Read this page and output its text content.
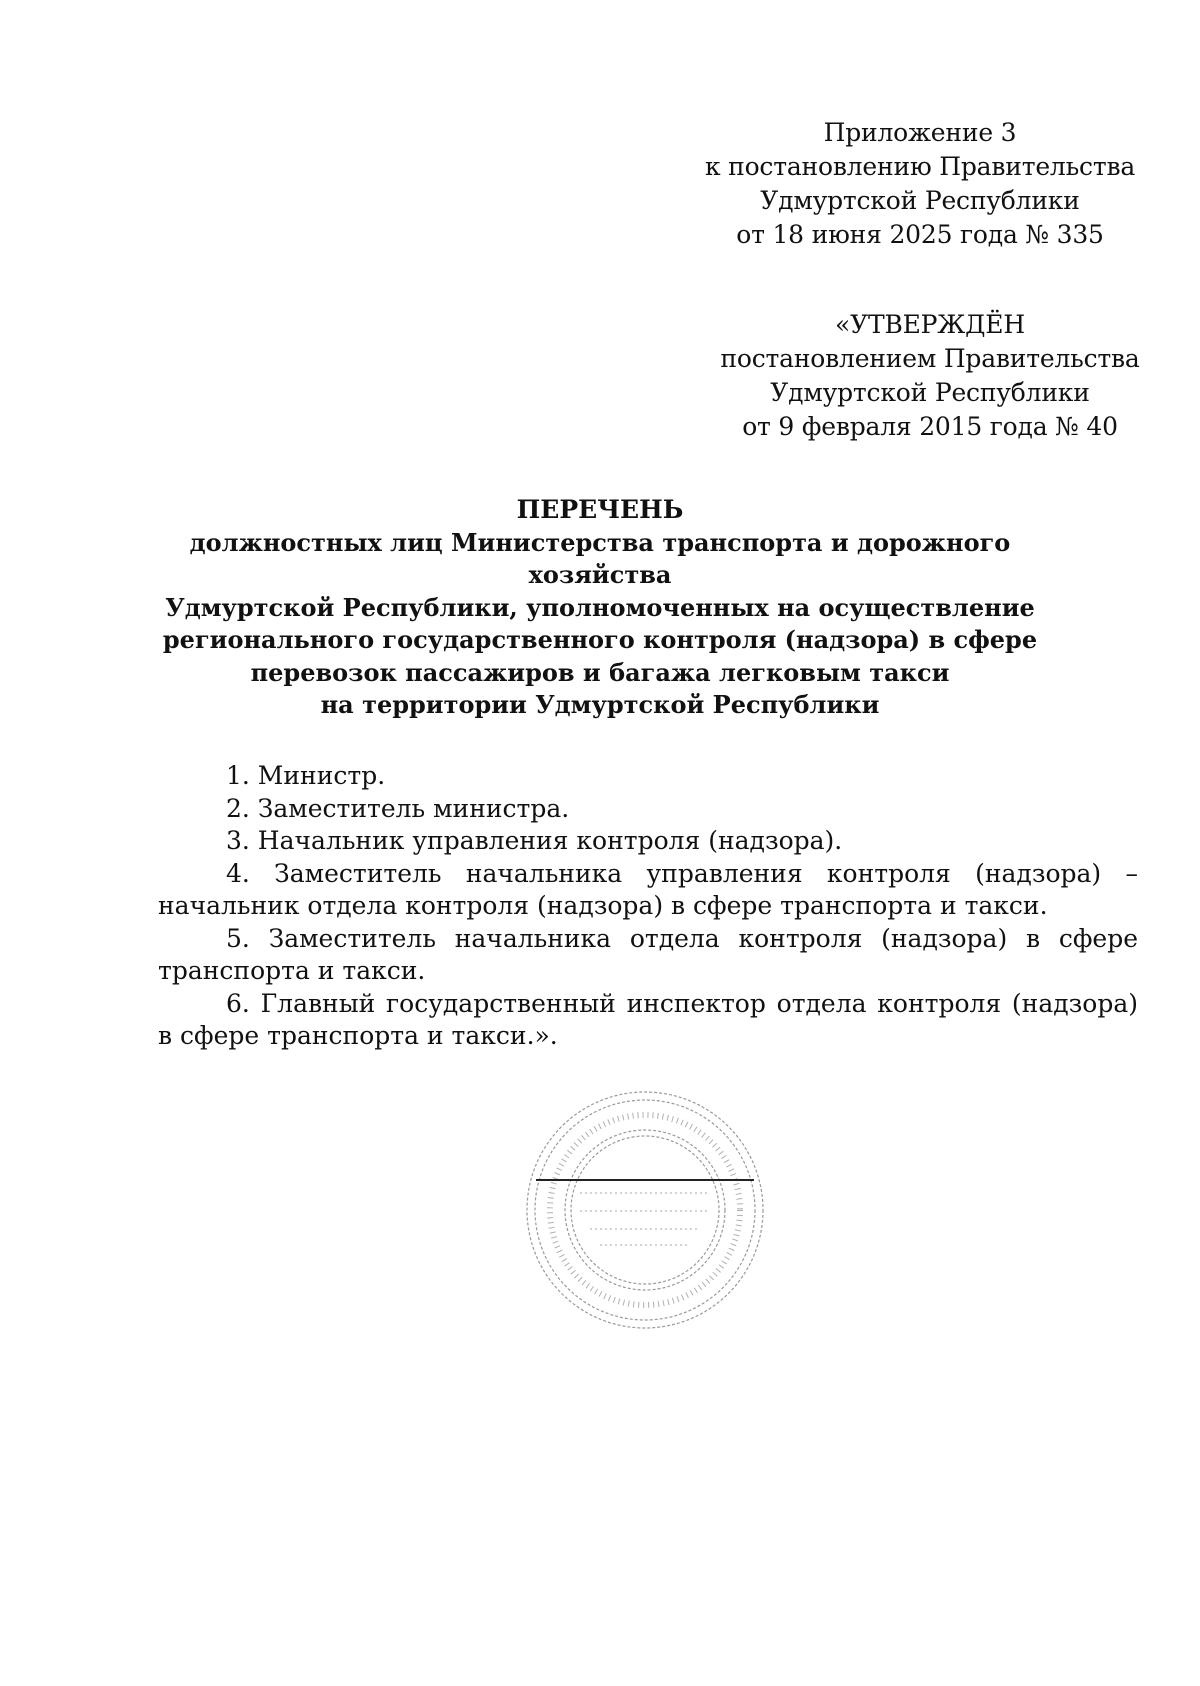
Приложение 3
к постановлению Правительства
Удмуртской Республики
от 18 июня 2025 года № 335
«УТВЕРЖДЁН
постановлением Правительства
Удмуртской Республики
от 9 февраля 2015 года № 40
ПЕРЕЧЕНЬ
должностных лиц Министерства транспорта и дорожного хозяйства
Удмуртской Республики, уполномоченных на осуществление
регионального государственного контроля (надзора) в сфере
перевозок пассажиров и багажа легковым такси
на территории Удмуртской Республики

1. Министр.

2. Заместитель министра.

3. Начальник управления контроля (надзора).

4. Заместитель начальника управления контроля (надзора) – начальник отдела контроля (надзора) в сфере транспорта и такси.

5. Заместитель начальника отдела контроля (надзора) в сфере транспорта и такси.

6. Главный государственный инспектор отдела контроля (надзора) в сфере транспорта и такси.».
